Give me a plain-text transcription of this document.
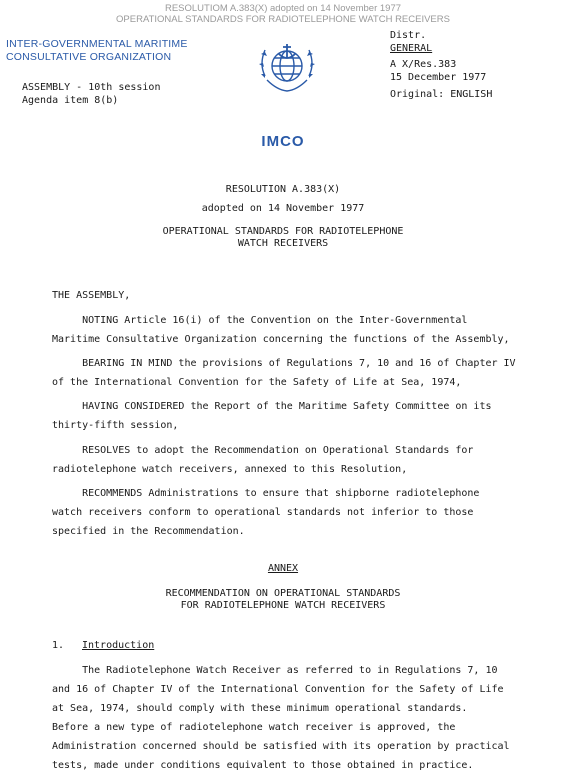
RESOLUTIOM A.383(X) adopted on 14 November 1977
OPERATIONAL STANDARDS FOR RADIOTELEPHONE WATCH RECEIVERS
INTER-GOVERNMENTAL MARITIME
CONSULTATIVE ORGANIZATION
Distr.
GENERAL
A X/Res.383
15 December 1977
Original: ENGLISH
ASSEMBLY - 10th session
Agenda item 8(b)
IMCO
RESOLUTION A.383(X)
adopted on 14 November 1977
OPERATIONAL STANDARDS FOR RADIOTELEPHONE
WATCH RECEIVERS
THE ASSEMBLY,
NOTING Article 16(i) of the Convention on the Inter-Governmental
Maritime Consultative Organization concerning the functions of the Assembly,
BEARING IN MIND the provisions of Regulations 7, 10 and 16 of Chapter IV
of the International Convention for the Safety of Life at Sea, 1974,
HAVING CONSIDERED the Report of the Maritime Safety Committee on its
thirty-fifth session,
RESOLVES to adopt the Recommendation on Operational Standards for
radiotelephone watch receivers, annexed to this Resolution,
RECOMMENDS Administrations to ensure that shipborne radiotelephone
watch receivers conform to operational standards not inferior to those
specified in the Recommendation.
ANNEX
RECOMMENDATION ON OPERATIONAL STANDARDS
FOR RADIOTELEPHONE WATCH RECEIVERS
1.	Introduction
The Radiotelephone Watch Receiver as referred to in Regulations 7, 10
and 16 of Chapter IV of the International Convention for the Safety of Life
at Sea, 1974, should comply with these minimum operational standards.
Before a new type of radiotelephone watch receiver is approved, the
Administration concerned should be satisfied with its operation by practical
tests, made under conditions equivalent to those obtained in practice.
